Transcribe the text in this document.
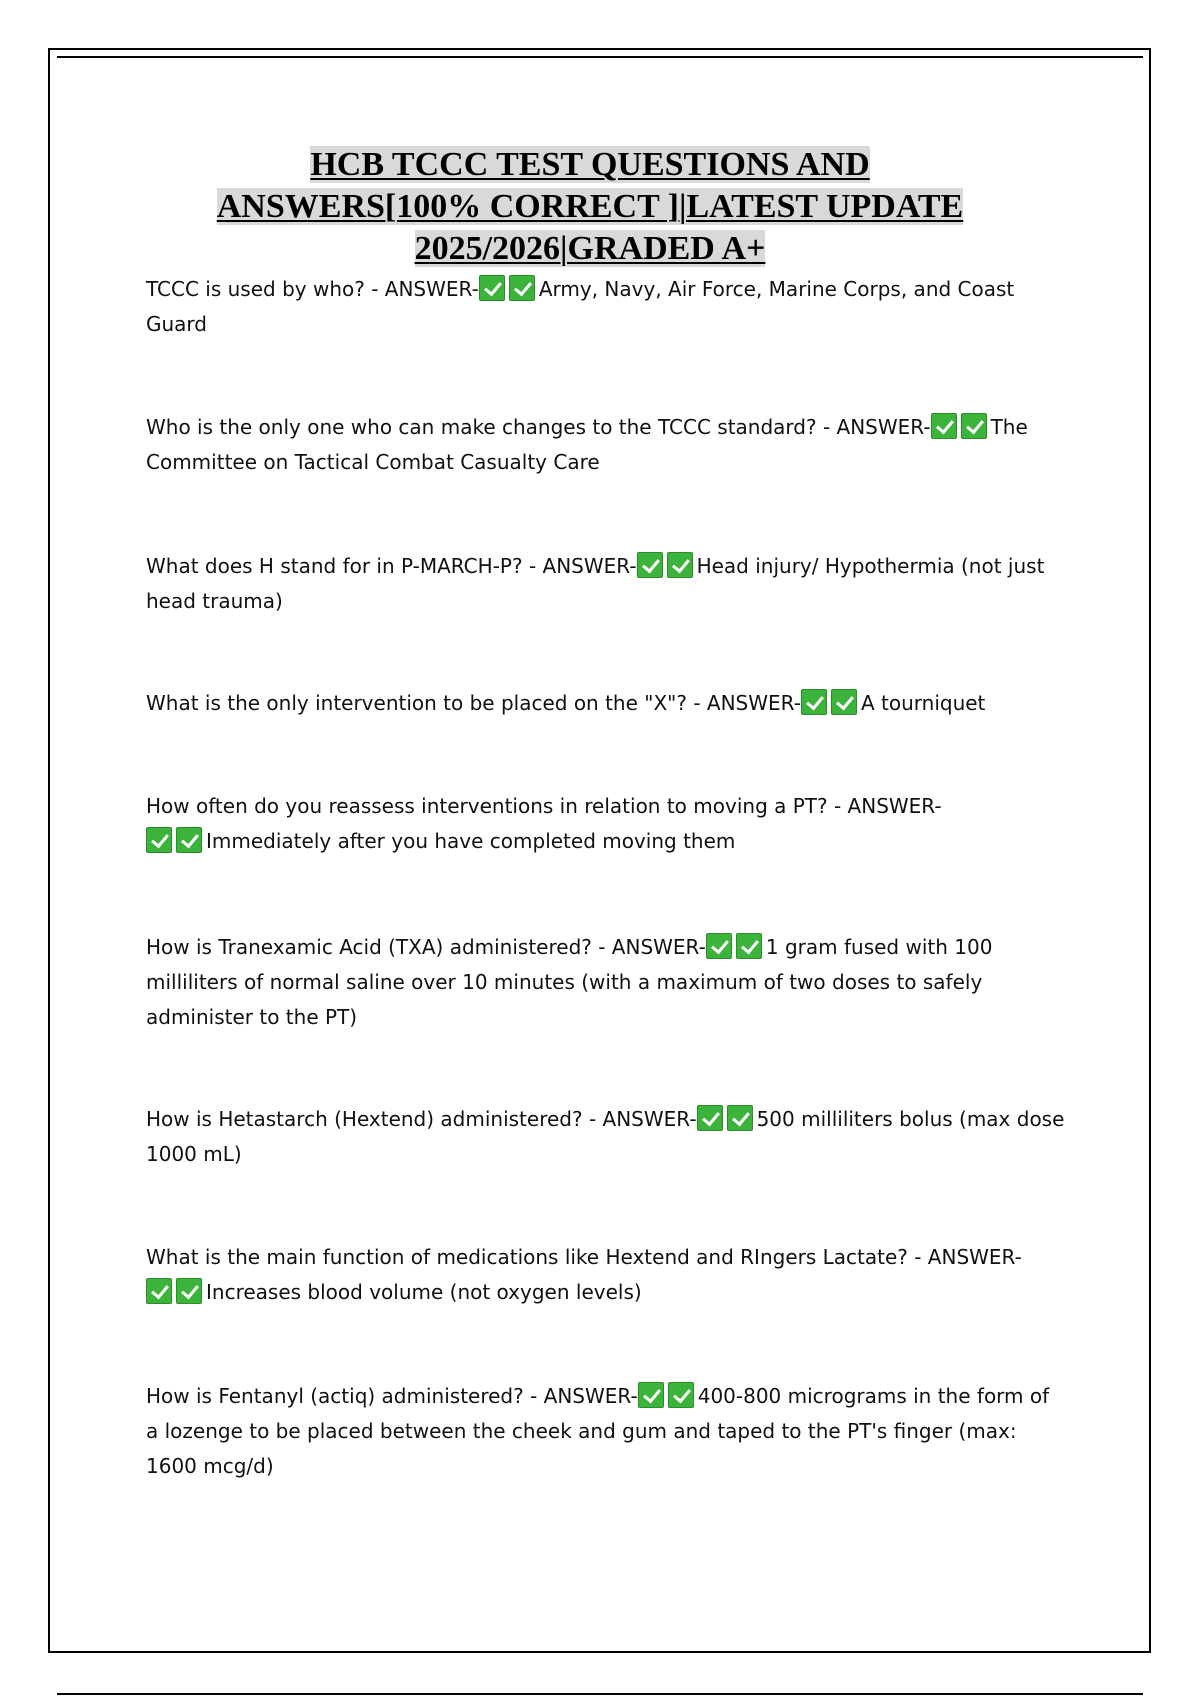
HCB TCCC TEST QUESTIONS AND
ANSWERS[100% CORRECT ]|LATEST UPDATE
2025/2026|GRADED A+
TCCC is used by who? - ANSWER-	Army, Navy, Air Force, Marine Corps, and Coast Guard
Who is the only one who can make changes to the TCCC standard? - ANSWER-	The Committee on Tactical Combat Casualty Care
What does H stand for in P-MARCH-P? - ANSWER-	Head injury/ Hypothermia (not just head trauma)
What is the only intervention to be placed on the "X"? - ANSWER-	A tourniquet
How often do you reassess interventions in relation to moving a PT? - ANSWER-
Immediately after you have completed moving them
How is Tranexamic Acid (TXA) administered? - ANSWER-	1 gram fused with 100 milliliters of normal saline over 10 minutes (with a maximum of two doses to safely administer to the PT)
How is Hetastarch (Hextend) administered? - ANSWER-	500 milliliters bolus (max dose 1000 mL)
What is the main function of medications like Hextend and RIngers Lactate? - ANSWER-
Increases blood volume (not oxygen levels)
How is Fentanyl (actiq) administered? - ANSWER-	400-800 micrograms in the form of a lozenge to be placed between the cheek and gum and taped to the PT's finger (max: 1600 mcg/d)
